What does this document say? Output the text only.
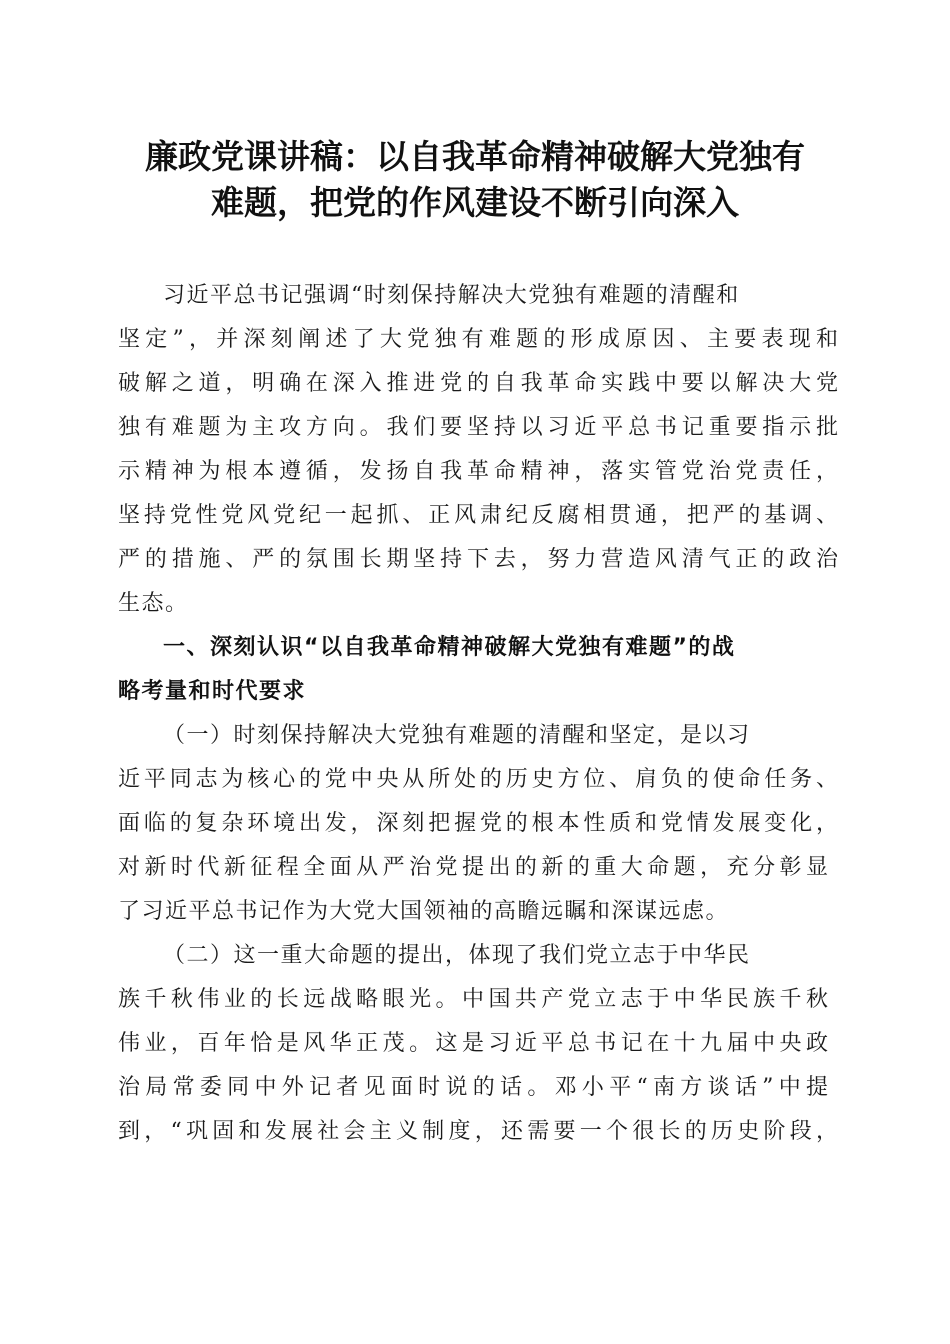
廉政党课讲稿：以自我革命精神破解大党独有
难题，把党的作风建设不断引向深入
习近平总书记强调“时刻保持解决大党独有难题的清醒和
坚定”，并深刻阐述了大党独有难题的形成原因、主要表现和
破解之道，明确在深入推进党的自我革命实践中要以解决大党
独有难题为主攻方向。我们要坚持以习近平总书记重要指示批
示精神为根本遵循，发扬自我革命精神，落实管党治党责任，
坚持党性党风党纪一起抓、正风肃纪反腐相贯通，把严的基调、
严的措施、严的氛围长期坚持下去，努力营造风清气正的政治
生态。
一、深刻认识“以自我革命精神破解大党独有难题”的战
略考量和时代要求
（一）时刻保持解决大党独有难题的清醒和坚定，是以习
近平同志为核心的党中央从所处的历史方位、肩负的使命任务、
面临的复杂环境出发，深刻把握党的根本性质和党情发展变化，
对新时代新征程全面从严治党提出的新的重大命题，充分彰显
了习近平总书记作为大党大国领袖的高瞻远瞩和深谋远虑。
（二）这一重大命题的提出，体现了我们党立志于中华民
族千秋伟业的长远战略眼光。中国共产党立志于中华民族千秋
伟业，百年恰是风华正茂。这是习近平总书记在十九届中央政
治局常委同中外记者见面时说的话。邓小平“南方谈话”中提
到，“巩固和发展社会主义制度，还需要一个很长的历史阶段，
